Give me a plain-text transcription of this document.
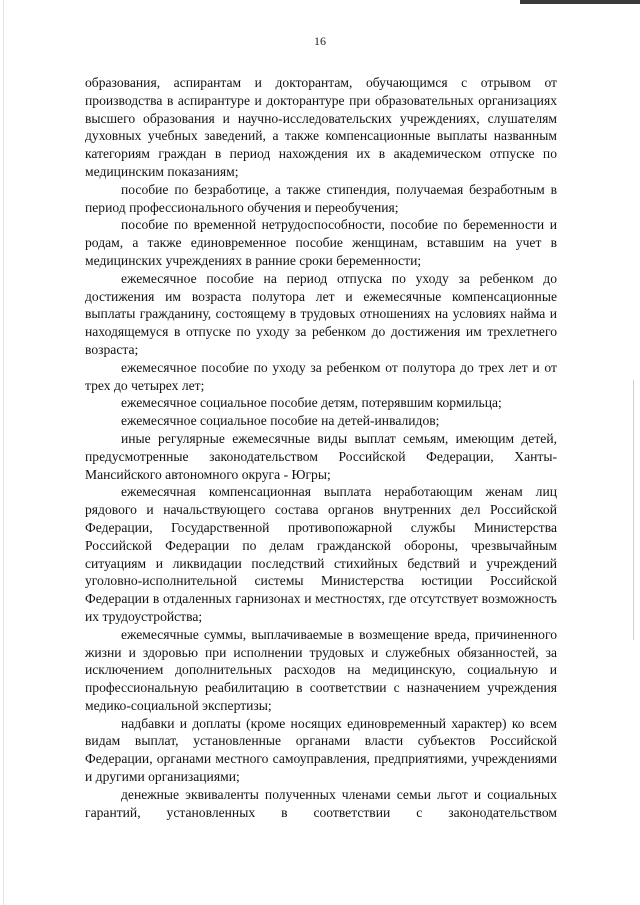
16

образования, аспирантам и докторантам, обучающимся с отрывом от производства в аспирантуре и докторантуре при образовательных организациях высшего образования и научно-исследовательских учреждениях, слушателям духовных учебных заведений, а также компенсационные выплаты названным категориям граждан в период нахождения их в академическом отпуске по медицинским показаниям;

пособие по безработице, а также стипендия, получаемая безработным в период профессионального обучения и переобучения;

пособие по временной нетрудоспособности, пособие по беременности и родам, а также единовременное пособие женщинам, вставшим на учет в медицинских учреждениях в ранние сроки беременности;

ежемесячное пособие на период отпуска по уходу за ребенком до достижения им возраста полутора лет и ежемесячные компенсационные выплаты гражданину, состоящему в трудовых отношениях на условиях найма и находящемуся в отпуске по уходу за ребенком до достижения им трехлетнего возраста;

ежемесячное пособие по уходу за ребенком от полутора до трех лет и от трех до четырех лет;

ежемесячное социальное пособие детям, потерявшим кормильца;

ежемесячное социальное пособие на детей-инвалидов;

иные регулярные ежемесячные виды выплат семьям, имеющим детей, предусмотренные законодательством Российской Федерации, Ханты-Мансийского автономного округа - Югры;

ежемесячная компенсационная выплата неработающим женам лиц рядового и начальствующего состава органов внутренних дел Российской Федерации, Государственной противопожарной службы Министерства Российской Федерации по делам гражданской обороны, чрезвычайным ситуациям и ликвидации последствий стихийных бедствий и учреждений уголовно-исполнительной системы Министерства юстиции Российской Федерации в отдаленных гарнизонах и местностях, где отсутствует возможность их трудоустройства;

ежемесячные суммы, выплачиваемые в возмещение вреда, причиненного жизни и здоровью при исполнении трудовых и служебных обязанностей, за исключением дополнительных расходов на медицинскую, социальную и профессиональную реабилитацию в соответствии с назначением учреждения медико-социальной экспертизы;

надбавки и доплаты (кроме носящих единовременный характер) ко всем видам выплат, установленные органами власти субъектов Российской Федерации, органами местного самоуправления, предприятиями, учреждениями и другими организациями;

денежные эквиваленты полученных членами семьи льгот и социальных гарантий, установленных в соответствии с законодательством
